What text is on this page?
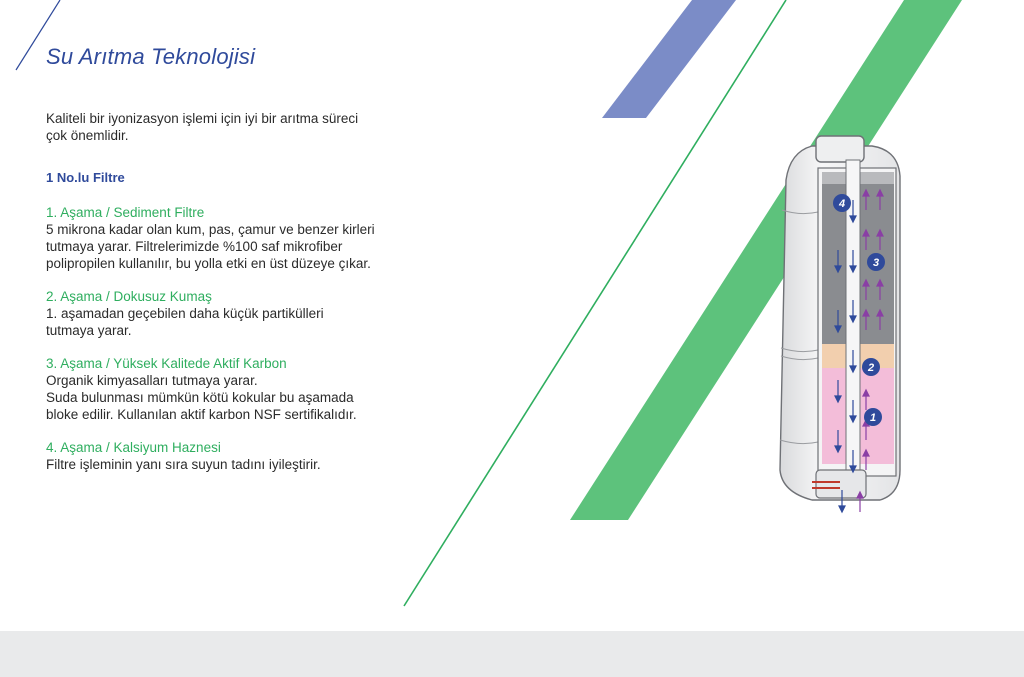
Su Arıtma Teknolojisi

Kaliteli bir iyonizasyon işlemi için iyi bir arıtma süreci
çok önemlidir.

1 No.lu Filtre

1. Aşama / Sediment Filtre
5 mikrona kadar olan kum, pas, çamur ve benzer kirleri
tutmaya yarar. Filtrelerimizde %100 saf mikrofiber
polipropilen kullanılır, bu yolla etki en üst düzeye çıkar.

2. Aşama / Dokusuz Kumaş
1. aşamadan geçebilen daha küçük partikülleri
tutmaya yarar.

3. Aşama / Yüksek Kalitede Aktif Karbon
Organik kimyasalları tutmaya yarar.
Suda bulunması mümkün kötü kokular bu aşamada
bloke edilir. Kullanılan aktif karbon NSF sertifikalıdır.

4. Aşama / Kalsiyum Haznesi
Filtre işleminin yanı sıra suyun tadını iyileştirir.

4
3
2
1
